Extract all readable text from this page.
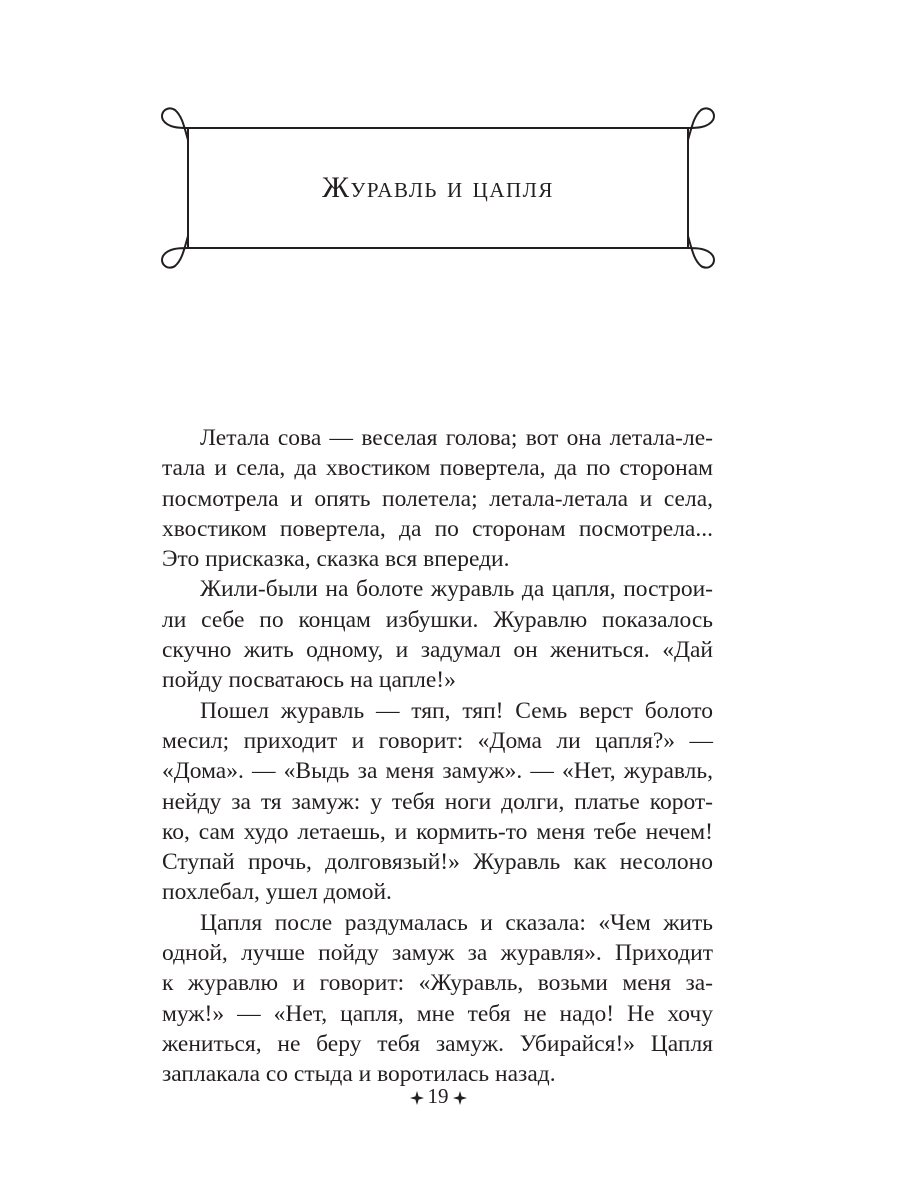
Журавль и цапля

Летала сова — веселая голова; вот она летала-ле-
тала и села, да хвостиком повертела, да по сторонам
посмотрела и опять полетела; летала-летала и села,
хвостиком повертела, да по сторонам посмотрела...
Это присказка, сказка вся впереди.

Жили-были на болоте журавль да цапля, построи-
ли себе по концам избушки. Журавлю показалось
скучно жить одному, и задумал он жениться. «Дай
пойду посватаюсь на цапле!»

Пошел журавль — тяп, тяп! Семь верст болото
месил; приходит и говорит: «Дома ли цапля?» —
«Дома». — «Выдь за меня замуж». — «Нет, журавль,
нейду за тя замуж: у тебя ноги долги, платье корот-
ко, сам худо летаешь, и кормить-то меня тебе нечем!
Ступай прочь, долговязый!» Журавль как несолоно
похлебал, ушел домой.

Цапля после раздумалась и сказала: «Чем жить
одной, лучше пойду замуж за журавля». Приходит
к журавлю и говорит: «Журавль, возьми меня за-
муж!» — «Нет, цапля, мне тебя не надо! Не хочу
жениться, не беру тебя замуж. Убирайся!» Цапля
заплакала со стыда и воротилась назад.

19
